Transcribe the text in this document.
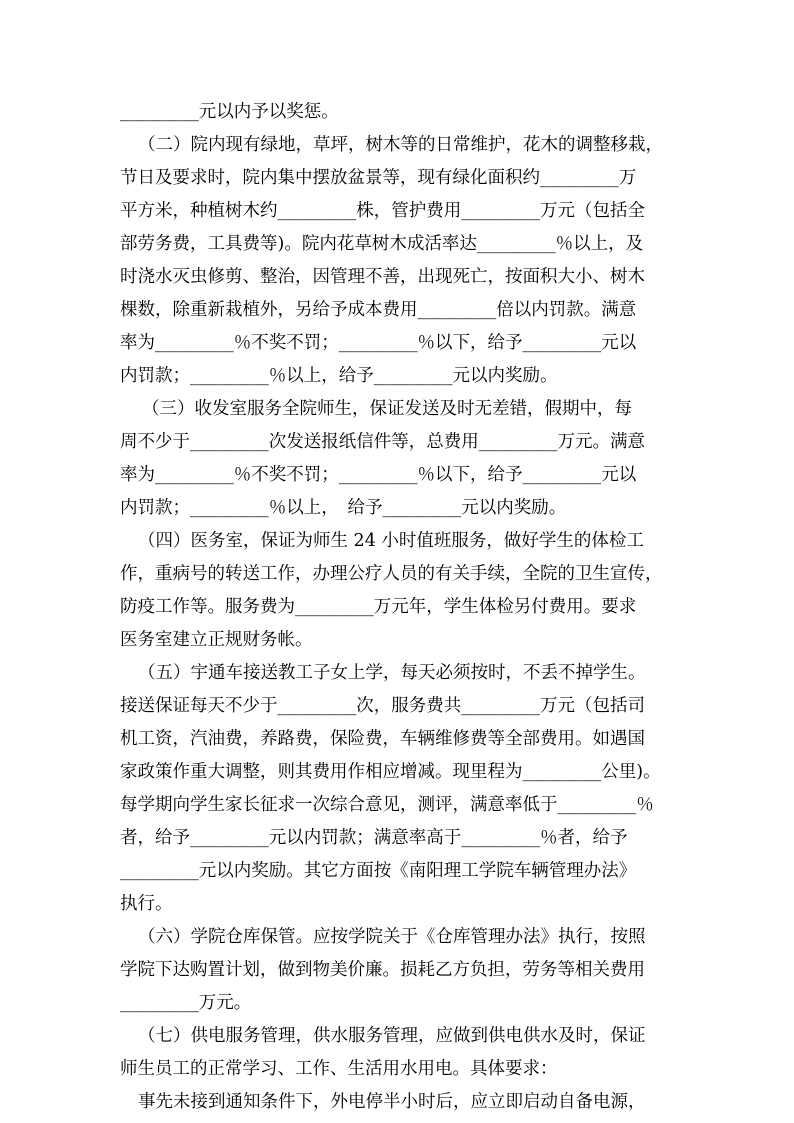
_________元以内予以奖惩。
（二）院内现有绿地，草坪，树木等的日常维护，花木的调整移栽，
节日及要求时，院内集中摆放盆景等，现有绿化面积约_________万
平方米，种植树木约_________株，管护费用_________万元（包括全
部劳务费，工具费等)。院内花草树木成活率达_________％以上，及
时浇水灭虫修剪、整治，因管理不善，出现死亡，按面积大小、树木
棵数，除重新栽植外，另给予成本费用_________倍以内罚款。满意
率为_________％不奖不罚；_________％以下，给予_________元以
内罚款；_________％以上，给予_________元以内奖励。
（三）收发室服务全院师生，保证发送及时无差错，假期中，每
周不少于_________次发送报纸信件等，总费用_________万元。满意
率为_________％不奖不罚；_________％以下，给予_________元以
内罚款；_________％以上，　给予_________元以内奖励。
（四）医务室，保证为师生 24 小时值班服务，做好学生的体检工
作，重病号的转送工作，办理公疗人员的有关手续，全院的卫生宣传，
防疫工作等。服务费为_________万元年，学生体检另付费用。要求
医务室建立正规财务帐。
（五）宇通车接送教工子女上学，每天必须按时，不丢不掉学生。
接送保证每天不少于_________次，服务费共_________万元（包括司
机工资，汽油费，养路费，保险费，车辆维修费等全部费用。如遇国
家政策作重大调整，则其费用作相应增减。现里程为_________公里)。
每学期向学生家长征求一次综合意见，测评，满意率低于_________％
者，给予_________元以内罚款；满意率高于_________％者，给予
_________元以内奖励。其它方面按《南阳理工学院车辆管理办法》
执行。
（六）学院仓库保管。应按学院关于《仓库管理办法》执行，按照
学院下达购置计划，做到物美价廉。损耗乙方负担，劳务等相关费用
_________万元。
（七）供电服务管理，供水服务管理，应做到供电供水及时，保证
师生员工的正常学习、工作、生活用水用电。具体要求：
事先未接到通知条件下，外电停半小时后，应立即启动自备电源，
